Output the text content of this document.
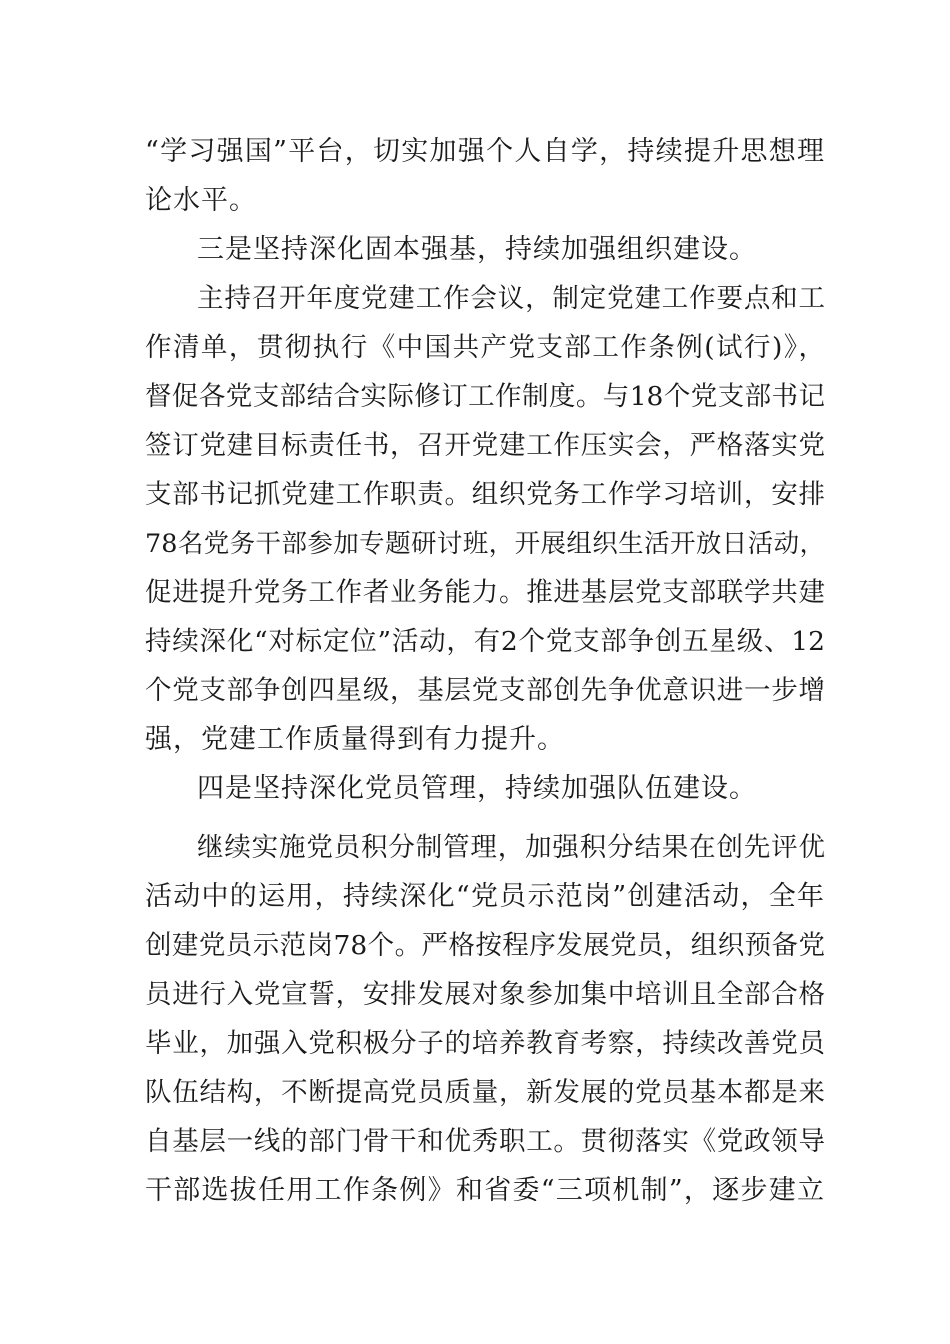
“学习强国”平台，切实加强个人自学，持续提升思想理
论水平。
三是坚持深化固本强基，持续加强组织建设。
主持召开年度党建工作会议，制定党建工作要点和工
作清单，贯彻执行《中国共产党支部工作条例(试行)》，
督促各党支部结合实际修订工作制度。与18个党支部书记
签订党建目标责任书，召开党建工作压实会，严格落实党
支部书记抓党建工作职责。组织党务工作学习培训，安排
78名党务干部参加专题研讨班，开展组织生活开放日活动，
促进提升党务工作者业务能力。推进基层党支部联学共建
持续深化“对标定位”活动，有2个党支部争创五星级、12
个党支部争创四星级，基层党支部创先争优意识进一步增
强，党建工作质量得到有力提升。
四是坚持深化党员管理，持续加强队伍建设。
继续实施党员积分制管理，加强积分结果在创先评优
活动中的运用，持续深化“党员示范岗”创建活动，全年
创建党员示范岗78个。严格按程序发展党员，组织预备党
员进行入党宣誓，安排发展对象参加集中培训且全部合格
毕业，加强入党积极分子的培养教育考察，持续改善党员
队伍结构，不断提高党员质量，新发展的党员基本都是来
自基层一线的部门骨干和优秀职工。贯彻落实《党政领导
干部选拔任用工作条例》和省委“三项机制”，逐步建立
